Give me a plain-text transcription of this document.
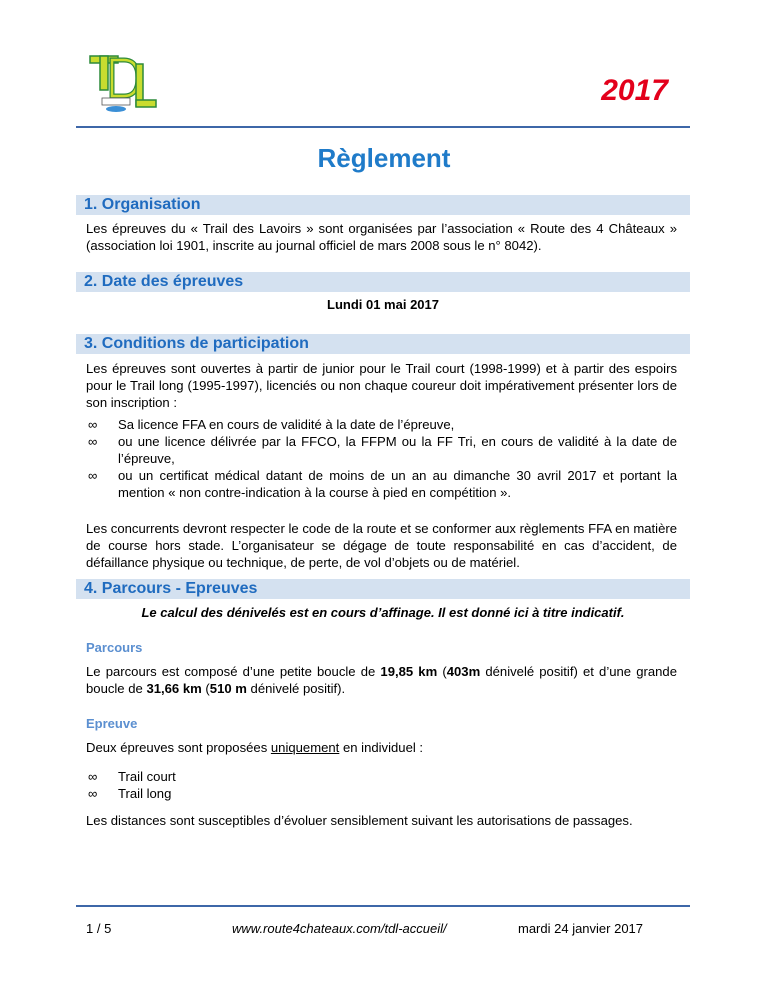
2017
Règlement
1. Organisation
Les épreuves du « Trail des Lavoirs » sont organisées par l’association « Route des 4 Châteaux » (association loi 1901, inscrite au journal officiel de mars 2008 sous le n° 8042).
2. Date des épreuves
Lundi 01 mai 2017
3. Conditions de participation
Les épreuves sont ouvertes à partir de junior pour le Trail court (1998-1999) et à partir des espoirs pour le Trail long (1995-1997), licenciés ou non chaque coureur doit impérativement présenter lors de son inscription :
∞	Sa licence FFA en cours de validité à la date de l’épreuve,
∞	ou une licence délivrée par la FFCO, la FFPM ou la FF Tri, en cours de validité à la date de l’épreuve,
∞	ou un certificat médical datant de moins de un an au dimanche 30 avril 2017 et portant la mention « non contre-indication à la course à pied en compétition ».
Les concurrents devront respecter le code de la route et se conformer aux règlements FFA en matière de course hors stade. L’organisateur se dégage de toute responsabilité en cas d’accident, de défaillance physique ou technique, de perte, de vol d’objets ou de matériel.
4. Parcours - Epreuves
Le calcul des dénivelés est en cours d’affinage. Il est donné ici à titre indicatif.
Parcours
Le parcours est composé d’une petite boucle de 19,85 km (403m dénivelé positif) et d’une grande boucle de 31,66 km (510 m dénivelé positif).
Epreuve
Deux épreuves sont proposées uniquement en individuel :
∞	Trail court
∞	Trail long
Les distances sont susceptibles d’évoluer sensiblement suivant les autorisations de passages.
1 / 5	www.route4chateaux.com/tdl-accueil/	mardi 24 janvier 2017
